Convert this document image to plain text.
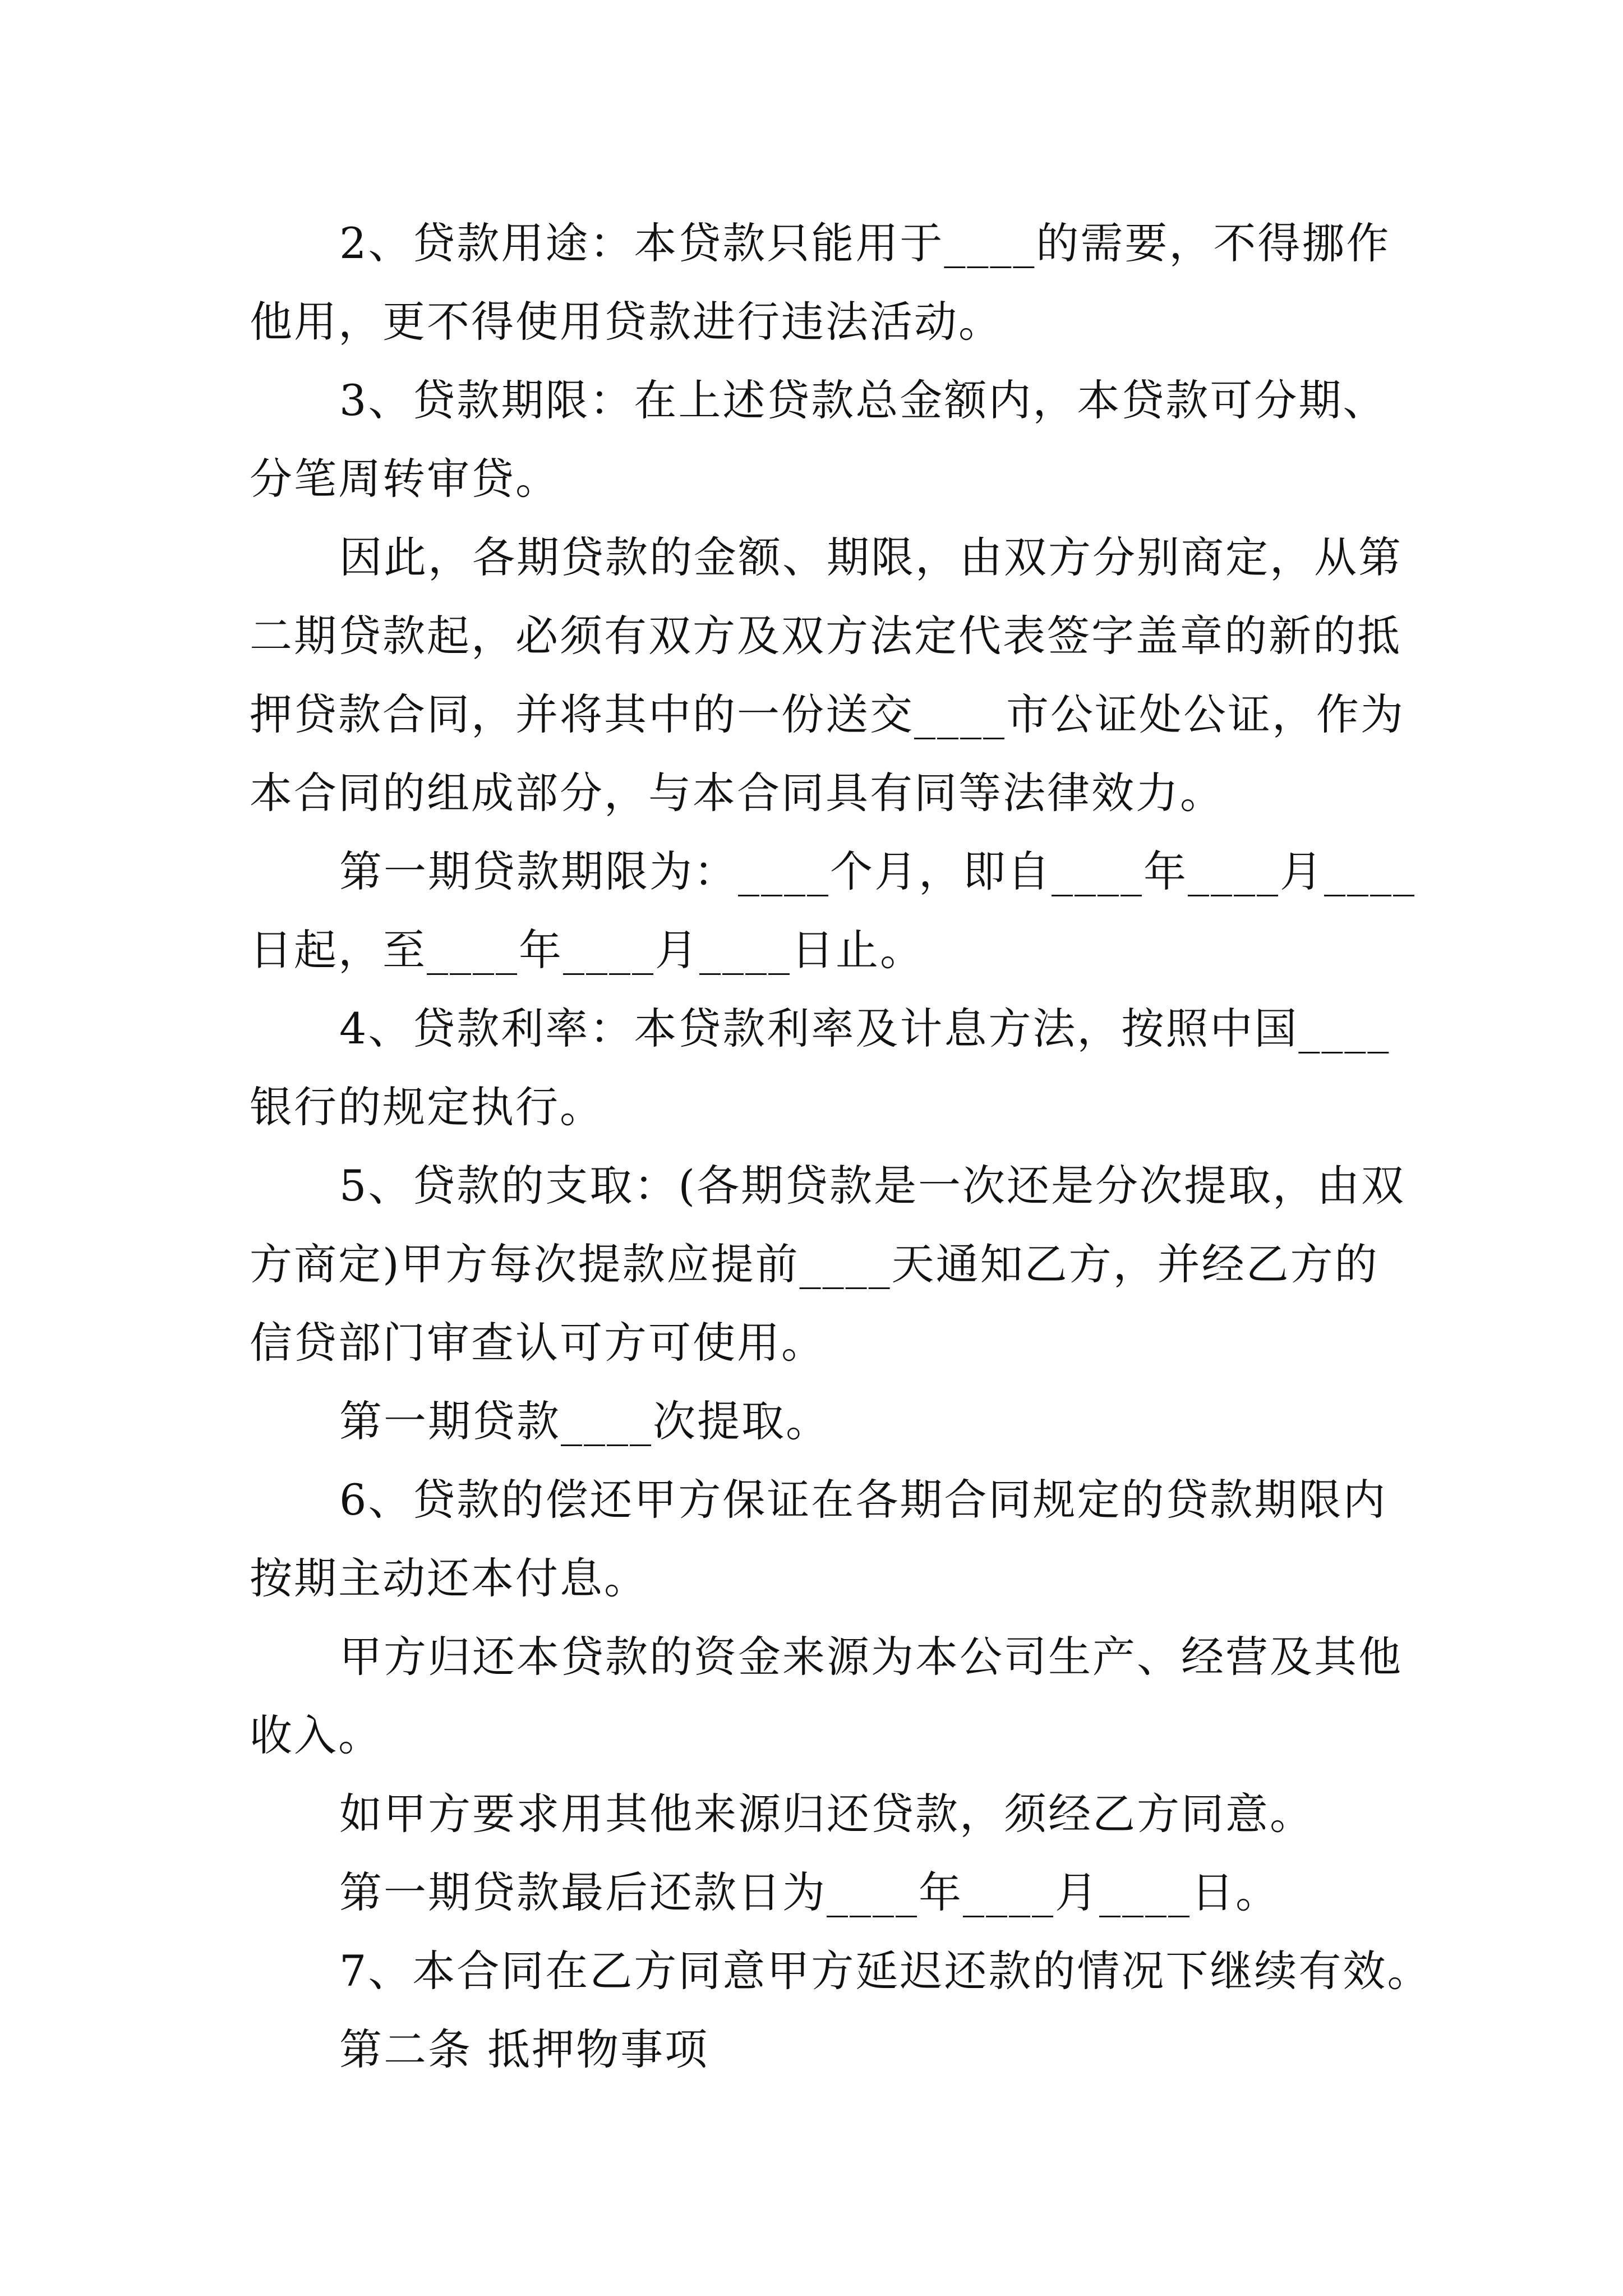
2、贷款用途：本贷款只能用于____的需要，不得挪作
他用，更不得使用贷款进行违法活动。
3、贷款期限：在上述贷款总金额内，本贷款可分期、
分笔周转审贷。
因此，各期贷款的金额、期限，由双方分别商定，从第
二期贷款起，必须有双方及双方法定代表签字盖章的新的抵
押贷款合同，并将其中的一份送交____市公证处公证，作为
本合同的组成部分，与本合同具有同等法律效力。
第一期贷款期限为：____个月，即自____年____月____
日起，至____年____月____日止。
4、贷款利率：本贷款利率及计息方法，按照中国____
银行的规定执行。
5、贷款的支取：(各期贷款是一次还是分次提取，由双
方商定)甲方每次提款应提前____天通知乙方，并经乙方的
信贷部门审查认可方可使用。
第一期贷款____次提取。
6、贷款的偿还甲方保证在各期合同规定的贷款期限内
按期主动还本付息。
甲方归还本贷款的资金来源为本公司生产、经营及其他
收入。
如甲方要求用其他来源归还贷款，须经乙方同意。
第一期贷款最后还款日为____年____月____日。
7、本合同在乙方同意甲方延迟还款的情况下继续有效。
第二条 抵押物事项
